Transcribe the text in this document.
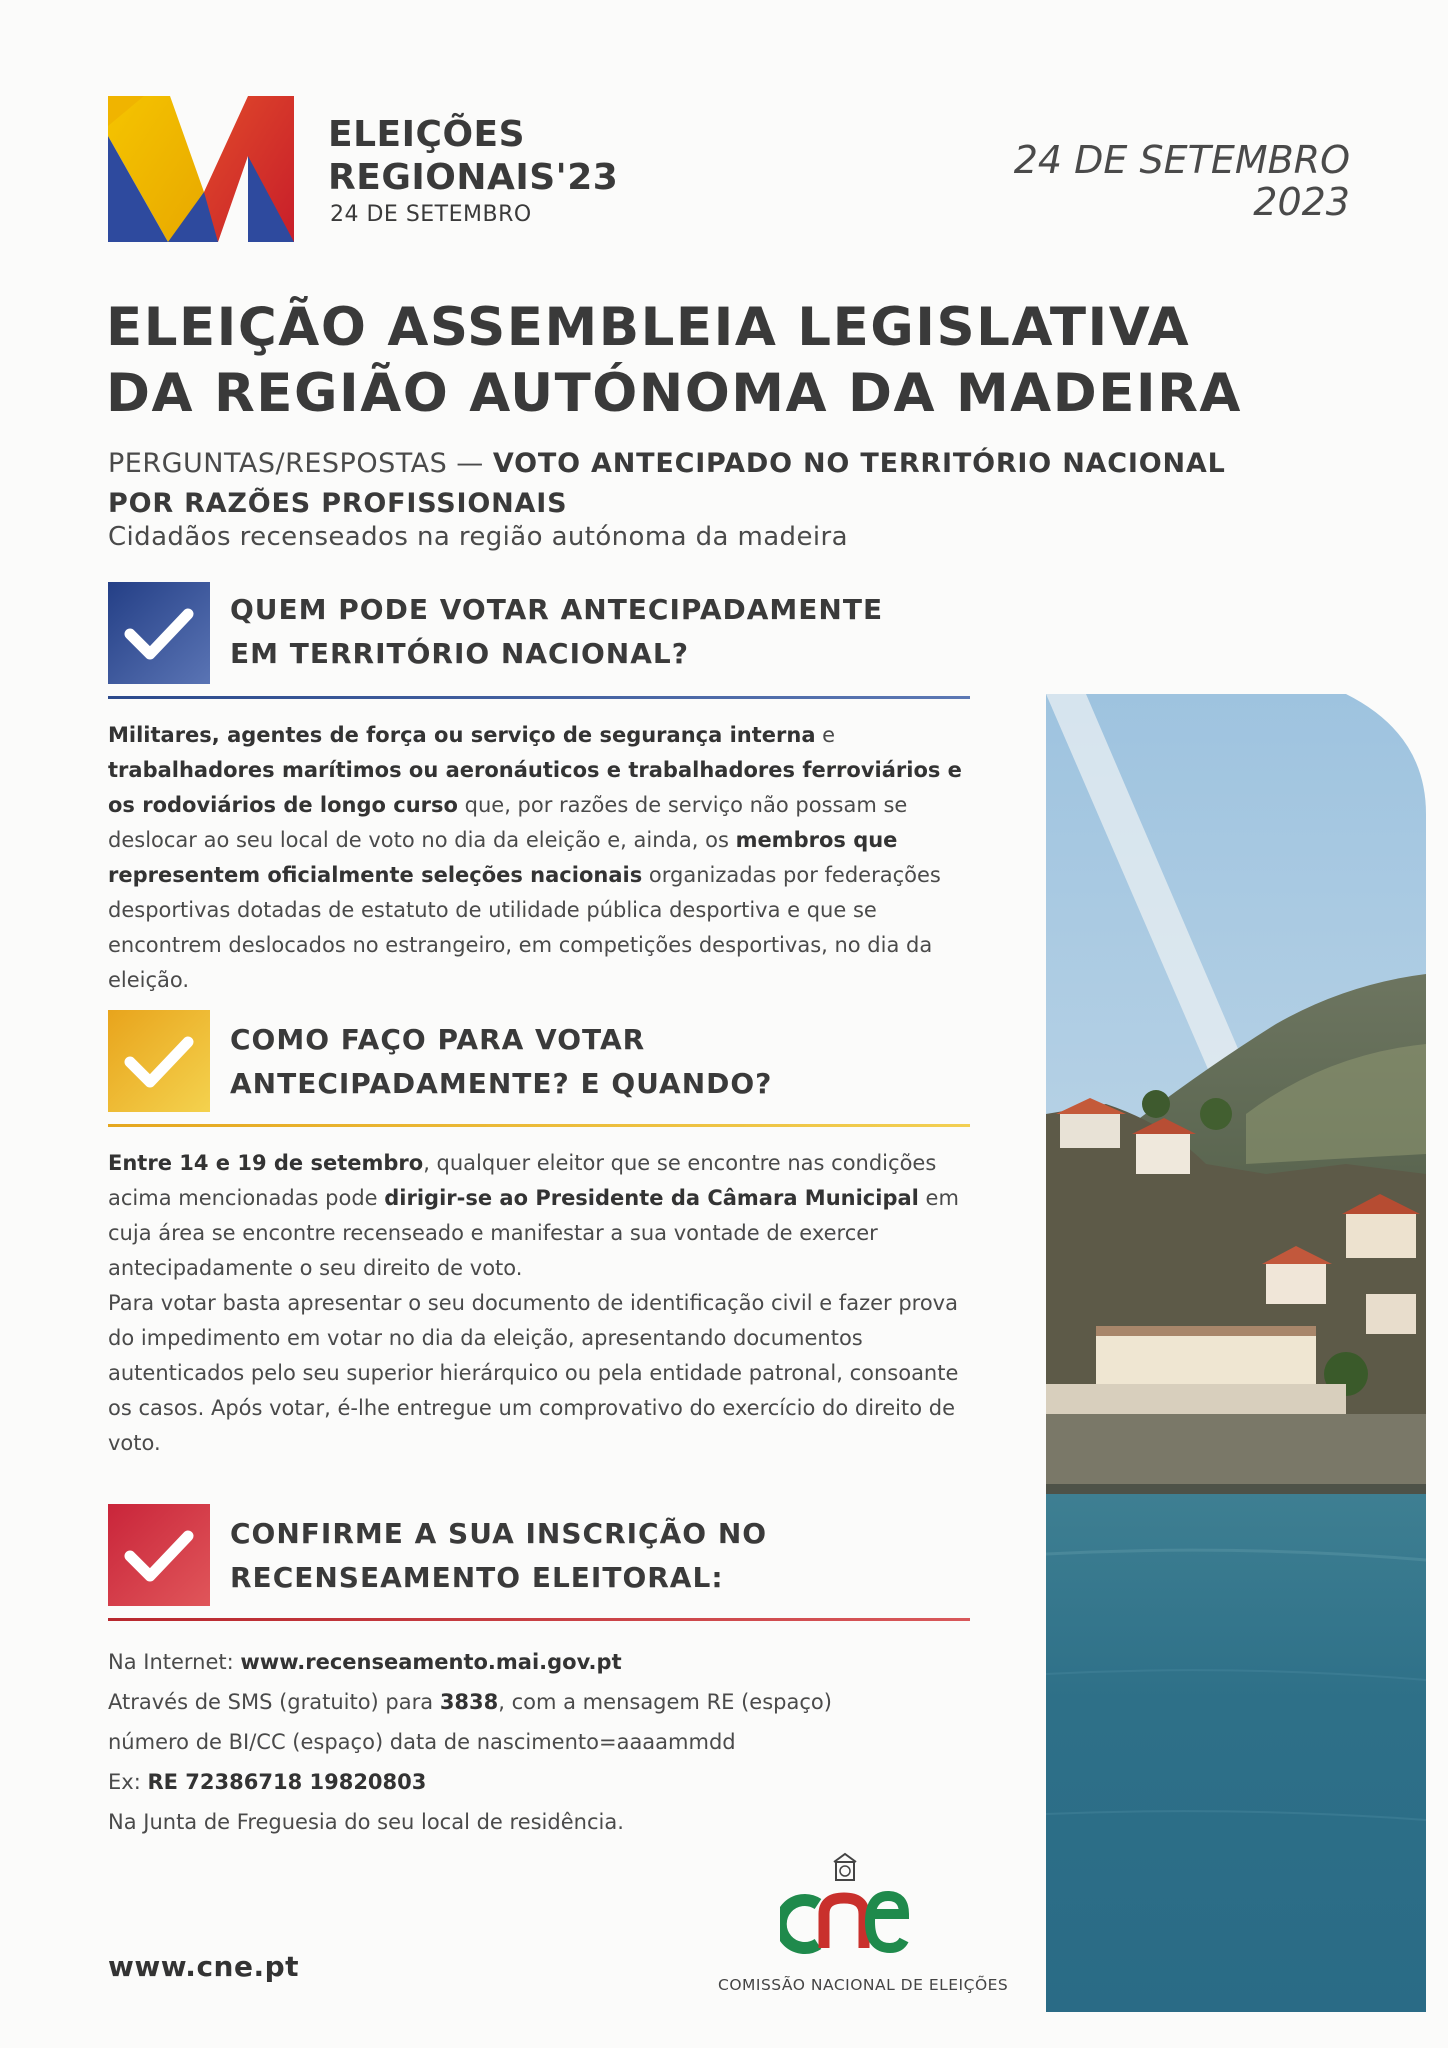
ELEIÇÕES
REGIONAIS'23
24 DE SETEMBRO
24 DE SETEMBRO
2023
ELEIÇÃO ASSEMBLEIA LEGISLATIVA
DA REGIÃO AUTÓNOMA DA MADEIRA
PERGUNTAS/RESPOSTAS — VOTO ANTECIPADO NO TERRITÓRIO NACIONAL
POR RAZÕES PROFISSIONAIS
Cidadãos recenseados na região autónoma da madeira
QUEM PODE VOTAR ANTECIPADAMENTE
EM TERRITÓRIO NACIONAL?

Militares, agentes de força ou serviço de segurança interna e trabalhadores marítimos ou aeronáuticos e trabalhadores ferroviários e os rodoviários de longo curso que, por razões de serviço não possam se deslocar ao seu local de voto no dia da eleição e, ainda, os membros que representem oficialmente seleções nacionais organizadas por federações desportivas dotadas de estatuto de utilidade pública desportiva e que se encontrem deslocados no estrangeiro, em competições desportivas, no dia da eleição.

COMO FAÇO PARA VOTAR
ANTECIPADAMENTE? E QUANDO?

Entre 14 e 19 de setembro, qualquer eleitor que se encontre nas condições acima mencionadas pode dirigir-se ao Presidente da Câmara Municipal em cuja área se encontre recenseado e manifestar a sua vontade de exercer antecipadamente o seu direito de voto.

Para votar basta apresentar o seu documento de identificação civil e fazer prova do impedimento em votar no dia da eleição, apresentando documentos autenticados pelo seu superior hierárquico ou pela entidade patronal, consoante os casos. Após votar, é-lhe entregue um comprovativo do exercício do direito de voto.

CONFIRME A SUA INSCRIÇÃO NO
RECENSEAMENTO ELEITORAL:

Na Internet: www.recenseamento.mai.gov.pt

Através de SMS (gratuito) para 3838, com a mensagem RE (espaço)

número de BI/CC (espaço) data de nascimento=aaaammdd

Ex: RE 72386718 19820803

Na Junta de Freguesia do seu local de residência.

www.cne.pt
COMISSÃO NACIONAL DE ELEIÇÕES
